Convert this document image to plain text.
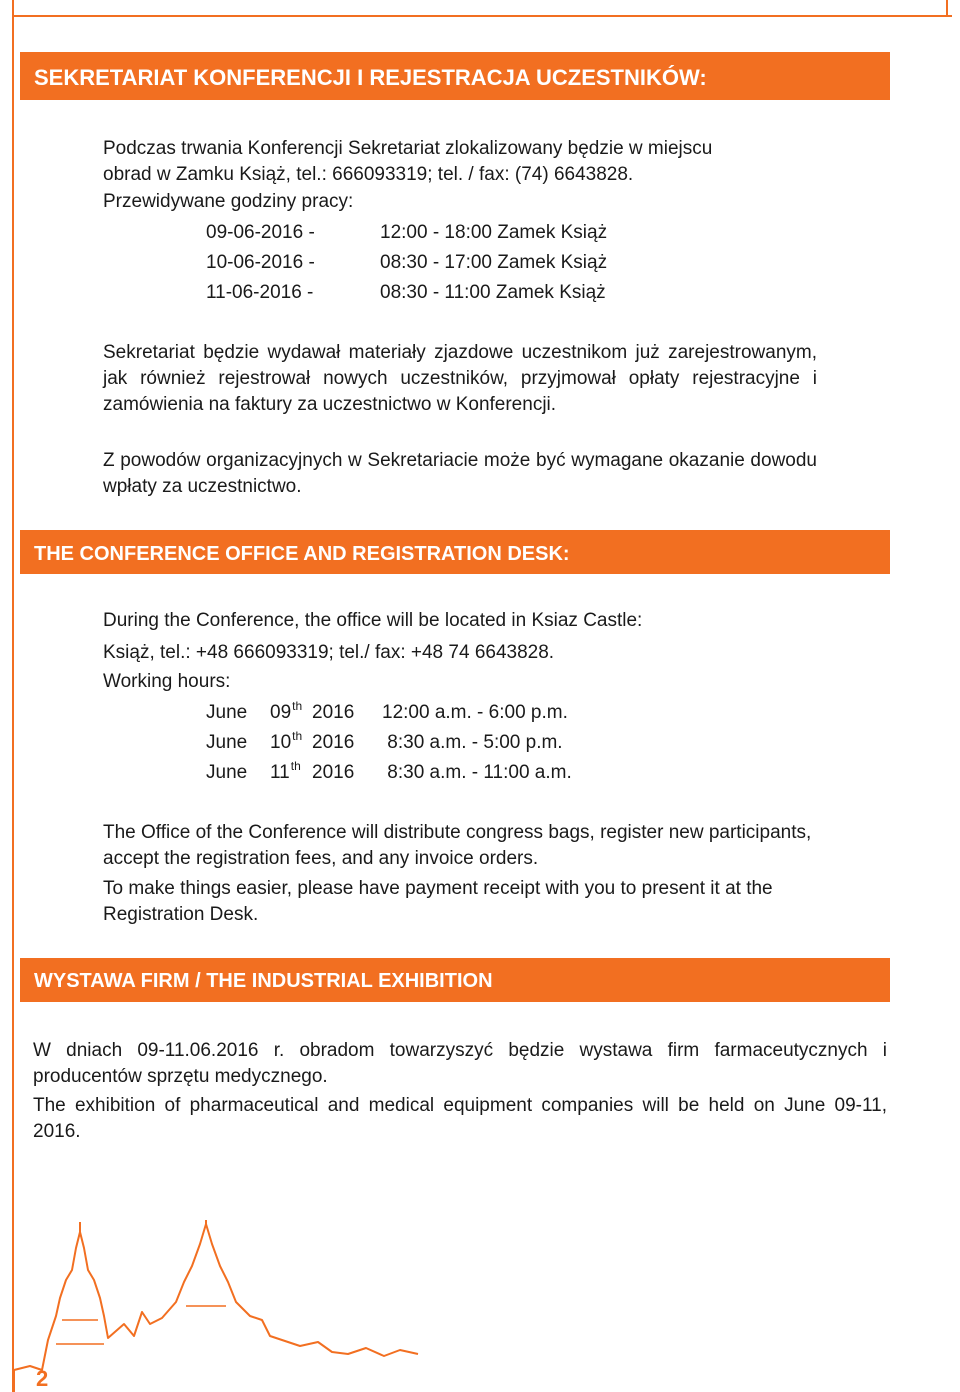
SEKRETARIAT KONFERENCJI I REJESTRACJA UCZESTNIKÓW:

Podczas trwania Konferencji Sekretariat zlokalizowany będzie w miejscu

obrad w Zamku Książ, tel.: 666093319; tel. / fax: (74) 6643828.

Przewidywane godziny pracy:

09-06-2016 -	12:00 - 18:00 Zamek Książ
10-06-2016 -	08:30 - 17:00 Zamek Książ
11-06-2016 -	08:30 - 11:00 Zamek Książ

Sekretariat będzie wydawał materiały zjazdowe uczestnikom już zarejestrowanym, jak również rejestrował nowych uczestników, przyjmował opłaty rejestracyjne i zamówienia na faktury za uczestnictwo w Konferencji.

Z powodów organizacyjnych w Sekretariacie może być wymagane okazanie dowodu wpłaty za uczestnictwo.

THE CONFERENCE OFFICE AND REGISTRATION DESK:

During the Conference, the office will be located in Ksiaz Castle:

Książ, tel.: +48 666093319; tel./ fax: +48 74 6643828.

Working hours:

June 09th 2016 12:00 a.m. - 6:00 p.m.
June 10th 2016 8:30 a.m. - 5:00 p.m.
June 11th 2016 8:30 a.m. - 11:00 a.m.

The Office of the Conference will distribute congress bags, register new participants, accept the registration fees, and any invoice orders.

To make things easier, please have payment receipt with you to present it at the Registration Desk.

WYSTAWA FIRM / THE INDUSTRIAL EXHIBITION

W dniach 09-11.06.2016 r. obradom towarzyszyć będzie wystawa firm farmaceutycznych i producentów sprzętu medycznego.

The exhibition of pharmaceutical and medical equipment companies will be held on June 09-11, 2016.

2
